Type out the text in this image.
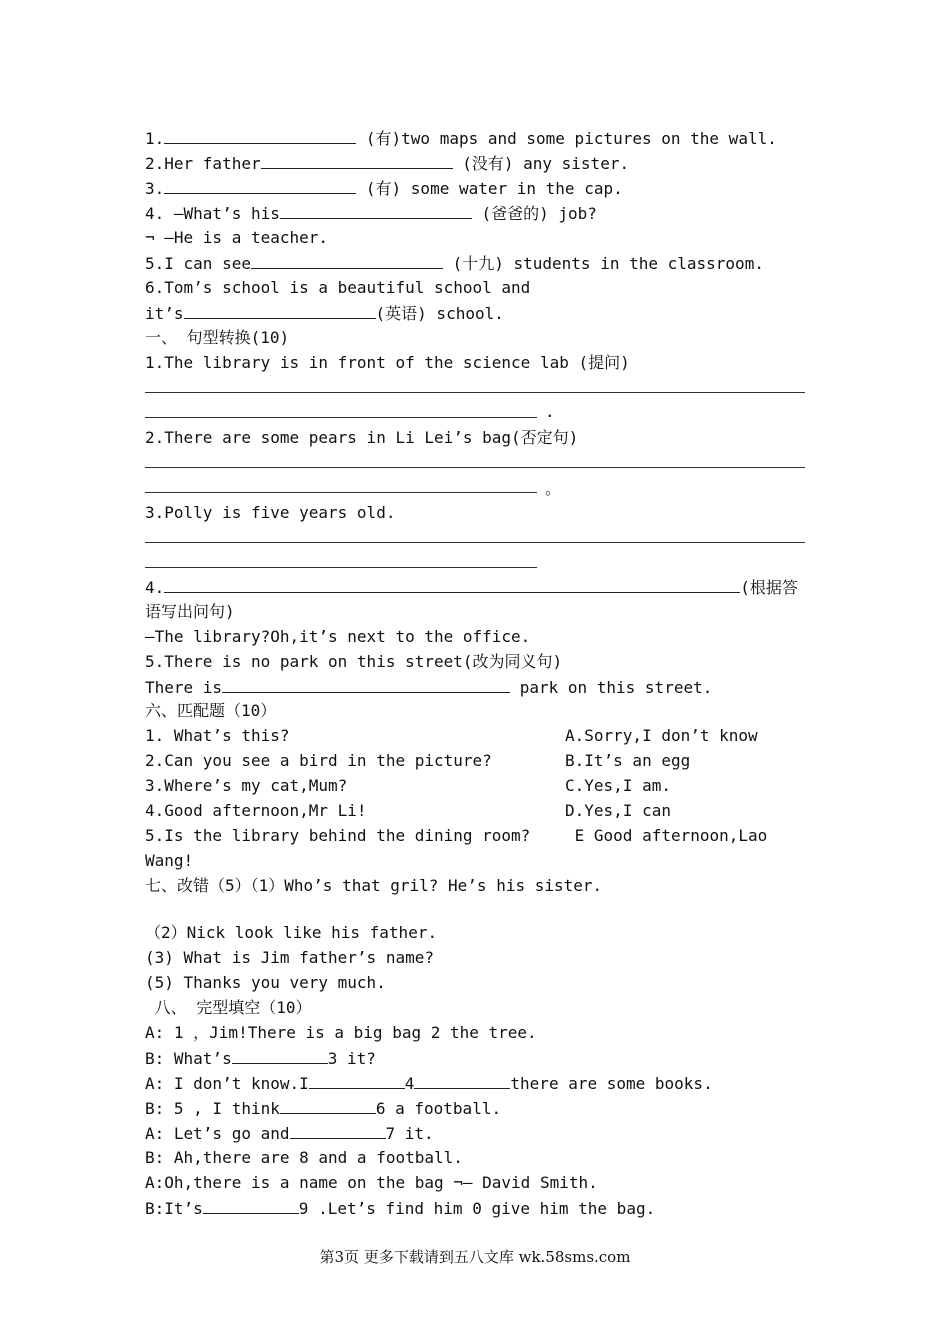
1.	(有)two maps and some pictures on the wall.
2.Her father	(没有) any sister.
3.	(有) some water in the cap.
4. —What’s his	(爸爸的) job?
¬ —He is a teacher.
5.I can see	(十九) students in the classroom.
6.Tom’s school is a beautiful school and
it’s	(英语) school.
一、 句型转换(10)
1.The library is in front of the science lab (提问)
.
2.There are some pears in Li Lei’s bag(否定句)
。
3.Polly is five years old.
4.	(根据答
语写出问句)
—The library?Oh,it’s next to the office.
5.There is no park on this street(改为同义句)
There is	park on this street.
六、匹配题（10）
1. What’s this?	A.Sorry,I don’t know
2.Can you see a bird in the picture?	B.It’s an egg
3.Where’s my cat,Mum?	C.Yes,I am.
4.Good afternoon,Mr Li!	D.Yes,I can
5.Is the library behind the dining room? E Good afternoon,Lao
Wang!
七、改错（5）（1）Who’s that gril? He’s his sister.
（2）Nick look like his father.
(3) What is Jim father’s name?
(5) Thanks you very much.
八、 完型填空（10）
A: 1 ，Jim!There is a big bag 2 the tree.
B: What’s	3 it?
A: I don’t know.I	4	there are some books.
B: 5 , I think	6 a football.
A: Let’s go and	7 it.
B: Ah,there are 8 and a football.
A:Oh,there is a name on the bag ¬— David Smith.
B:It’s	9 .Let’s find him 0 give him the bag.
第3页 更多下载请到五八文库 wk.58sms.com
